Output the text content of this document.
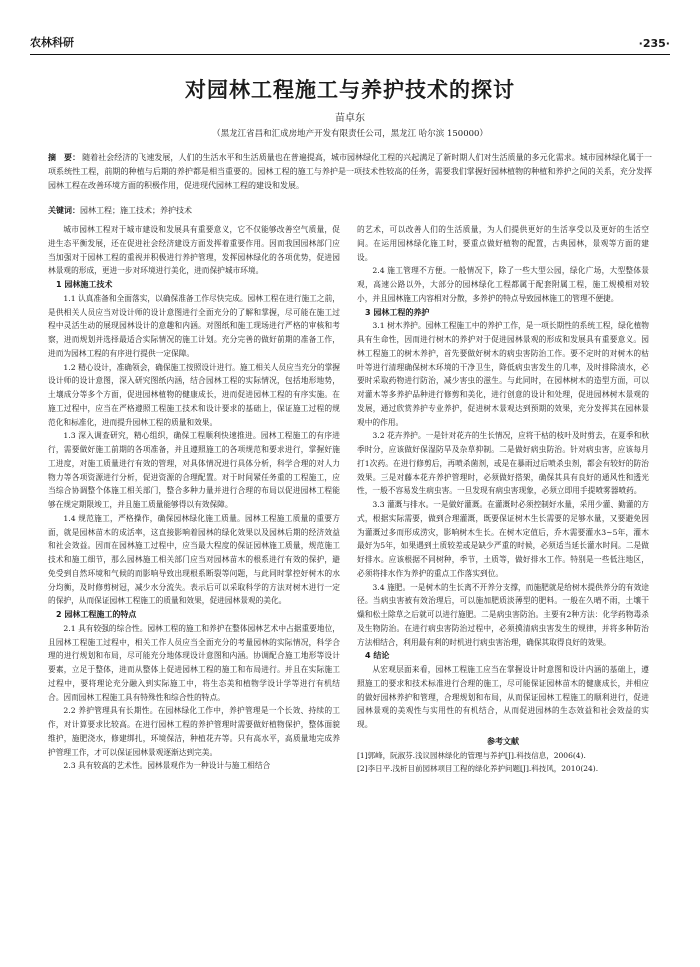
农林科研	·235·
对园林工程施工与养护技术的探讨
苗卓东
（黑龙江省昌和汇成房地产开发有限责任公司，黑龙江 哈尔滨 150000）
摘　要： 随着社会经济的飞速发展，人们的生活水平和生活质量也在普遍提高，城市园林绿化工程的兴起满足了新时期人们对生活质量的多元化需求。城市园林绿化属于一项系统性工程，前期的种植与后期的养护都是相当重要的。园林工程的施工与养护是一项技术性较高的任务，需要我们掌握好园林植物的种植和养护之间的关系，充分发挥园林工程在改善环境方面的积极作用，促进现代园林工程的建设和发展。
关键词：园林工程；施工技术；养护技术

城市园林工程对于城市建设和发展具有重要意义，它不仅能够改善空气质量，促进生态平衡发展，还在促进社会经济建设方面发挥着重要作用。因而我国园林部门应当加强对于园林工程的重视并积极进行养护管理，发挥园林绿化的各项优势，促进园林景观的形成，更进一步对环境进行美化，进而保护城市环境。

1 园林施工技术

1.1 认真准备和全面落实，以确保准备工作尽快完成。园林工程在进行施工之前，是供相关人员应当对设计师的设计意图进行全面充分的了解和掌握，尽可能在施工过程中灵活生动的展现园林设计的意趣和内涵。对图纸和施工现场进行严格的审核和考察，进而规划并选择最适合实际情况的施工计划。充分完善的做好前期的准备工作，进而为园林工程的有序进行提供一定保障。

1.2 精心设计，准确领会，确保施工按照设计进行。施工相关人员应当充分的掌握设计师的设计意图，深入研究图纸内涵，结合园林工程的实际情况，包括地形地势，土壤成分等多个方面，促进园林植物的健康成长，进而促进园林工程的有序实施。在施工过程中，应当在严格遵照工程施工技术和设计要求的基础上，保证施工过程的规范化和标准化，进而提升园林工程的质量和效果。

1.3 深入调查研究，精心组织，确保工程顺利快速推进。园林工程施工的有序进行，需要做好施工前期的各项准备，并且遵照施工的各项规范和要求进行，掌握好施工进度，对施工质量进行有效的管理，对具体情况进行具体分析，科学合理的对人力物力等各项资源进行分析，促进资源的合理配置。对于时间紧任务重的工程施工，应当综合协调整个体施工相关部门，整合多种力量并进行合理的布局以促进园林工程能够在规定期限竣工，并且施工质量能够得以有效保障。

1.4 规范施工，严格操作，确保园林绿化施工质量。园林工程施工质量的重要方面，就是园林苗木的成活率，这直接影响着园林的绿化效果以及园林后期的经济效益和社会效益。因而在园林施工过程中，应当最大程度的保证园林施工质量，规范施工技术和施工细节，那么园林施工相关部门应当对园林苗木的根系进行有效的保护，避免受到自然环境和气候的而影响导致出现根系断裂等问题，与此同时掌控好树木的水分均衡，及时修剪树冠，减少水分流失。表示后可以采取科学的方法对树木进行一定的保护，从而保证园林工程施工的质量和效果，促进园林景观的美化。

2 园林工程施工的特点

2.1 具有较强的综合性。园林工程的施工和养护在整体园林艺术中占据重要地位，且园林工程施工过程中，相关工作人员应当全面充分的考量园林的实际情况，科学合理的进行规划和布局，尽可能充分地体现设计意图和内涵。协调配合施工地形等设计要素，立足于整体，进而从整体上促进园林工程的施工和布局进行。并且在实际施工过程中，要将理论充分融入到实际施工中，将生态美和植物学设计学等进行有机结合。因而园林工程施工具有特殊性和综合性的特点。

2.2 养护管理具有长期性。在园林绿化工作中，养护管理是一个长效、持续的工作，对计算要求比较高。在进行园林工程的养护管理时需要做好植物保护，整体面貌维护，施肥浇水，修建绑扎，环境保洁，种植花卉等。只有高水平，高质量地完成养护管理工作，才可以保证园林景观逐渐达到完美。

2.3 具有较高的艺术性。园林景观作为一种设计与施工相结合

的艺术，可以改善人们的生活质量，为人们提供更好的生活享受以及更好的生活空间。在运用园林绿化施工时，要重点做好植物的配置，古典园林，景观等方面的建设。

2.4 施工管理不方便。一般情况下，除了一些大型公园，绿化广场，大型整体景观，高速公路以外，大部分的园林绿化工程都属于配套附属工程，施工规模相对较小，并且园林施工内容相对分散，多养护的特点导致园林施工的管理不便捷。

3 园林工程的养护

3.1 树木养护。园林工程施工中的养护工作，是一项长期性的系统工程，绿化植物具有生命性，因而进行树木的养护对于促进园林景观的形成和发展具有重要意义。园林工程施工的树木养护，首先要做好树木的病虫害防治工作。要不定时的对树木的枯叶等进行清理确保树木环境的干净卫生，降低病虫害发生的几率，及时排除渍水，必要时采取药物进行防治，减少害虫的滋生。与此同时，在园林树木的造型方面，可以对灌木等多养护品种进行修剪和美化，进行创意的设计和处理，促进园林树木景观的发展，通过欣赏养护专业养护，促进树木景观达到预期的效果，充分发挥其在园林景观中的作用。

3.2 花卉养护。一是针对花卉的生长情况，应将干枯的枝叶及时剪去，在夏季和秋季时分，应该做好保湿防旱及杂草抑制。二是做好病虫防治。针对病虫害，应该每月打1次药。在进行修剪后，再喷杀菌剂，或是在暴雨过后喷杀虫剂，都会有较好的防治效果。三是对藤本花卉养护管理时，必须做好搭架，确保其具有良好的通风性和透光性，一般不容易发生病虫害。一旦发现有病虫害现象，必须立即用手提喷雾器喷药。

3.3 灌溉与排水。一是做好灌溉。在灌溉时必须控制好水量，采用少灌、勤灌的方式，根据实际需要，做到合理灌溉，既要保证树木生长需要的足够水量，又要避免因为灌溉过多而形成涝灾，影响树木生长。在树木定值后，乔木需要灌水3~5年，灌木最好为5年，如果遇到土质较差或是缺少严重的时候，必须适当延长灌水时间。二是做好排水。应该根据不同树种，季节，土质等，做好排水工作。特别是一些低注地区，必须将排水作为养护的重点工作落实到位。

3.4 施肥。一是树木的生长离不开养分支撑，而施肥就是给树木提供养分的有效途径。当病虫害被有效治理后，可以施加肥质淡薄型的肥料。一般在久晴不雨，土壤干燥和松土除草之后就可以进行施肥。二是病虫害防治。主要有2种方法：化学药物毒杀及生物防治。在进行病虫害防治过程中，必须摸清病虫害发生的规律，并将多种防治方法相结合，利用最有利的时机进行病虫害治理，确保其取得良好的效果。

4 结论

从宏观层面来看，园林工程施工应当在掌握设计时意图和设计内涵的基础上，遵照施工的要求和技术标准进行合理的施工，尽可能保证园林苗木的健康成长，并相应的做好园林养护和管理，合理规划和布局，从而保证园林工程施工的顺利进行，促进园林景观的美观性与实用性的有机结合，从而促进园林的生态效益和社会效益的实现。

参考文献

[1]郭峰，阮淑芬.浅议园林绿化的管理与养护[J].科技信息，2006(4).

[2]李日平.浅析目前园林项目工程的绿化养护问题[J].科技风，2010(24).
